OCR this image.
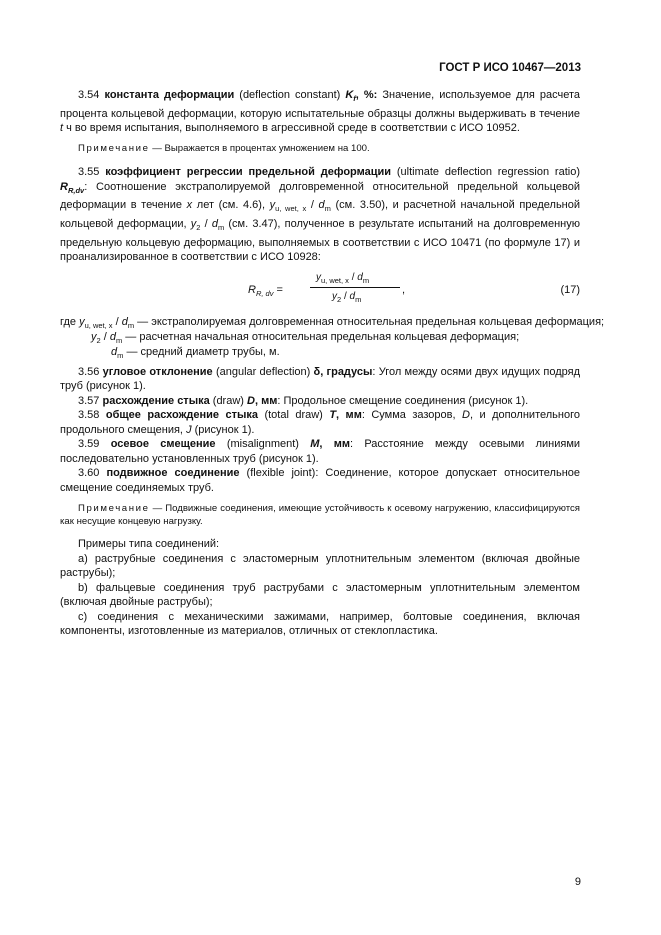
ГОСТ Р ИСО 10467—2013

3.54 константа деформации (deflection constant) $K_f$, %: Значение, используемое для расчета процента кольцевой деформации, которую испытательные образцы должны выдерживать в течение t ч во время испытания, выполняемого в агрессивной среде в соответствии с ИСО 10952.

Примечание — Выражается в процентах умножением на 100.

3.55 коэффициент регрессии предельной деформации (ultimate deflection regression ratio) $R_{R,dv}$: Соотношение экстраполируемой долговременной относительной предельной кольцевой деформации в течение x лет (см. 4.6), $y_{u, wet, x} / d_m$ (см. 3.50), и расчетной начальной предельной кольцевой деформации, $y_2 / d_m$ (см. 3.47), полученное в результате испытаний на долговременную предельную кольцевую деформацию, выполняемых в соответствии с ИСО 10471 (по формуле 17) и проанализированное в соответствии с ИСО 10928:

$R_{R, dv}$ =
$y_{u, wet, x} / d_m$
$y_2 / d_m$
,	(17)
где $y_{u, wet, x} / d_m$ — экстраполируемая долговременная относительная предельная кольцевая деформация;
$y_2 / d_m$ — расчетная начальная относительная предельная кольцевая деформация;
$d_m$ — средний диаметр трубы, м.

3.56 угловое отклонение (angular deflection) δ, градусы: Угол между осями двух идущих подряд труб (рисунок 1).

3.57 расхождение стыка (draw) D, мм: Продольное смещение соединения (рисунок 1).

3.58 общее расхождение стыка (total draw) T, мм: Сумма зазоров, D, и дополнительного продольного смещения, J (рисунок 1).

3.59 осевое смещение (misalignment) M, мм: Расстояние между осевыми линиями последовательно установленных труб (рисунок 1).

3.60 подвижное соединение (flexible joint): Соединение, которое допускает относительное смещение соединяемых труб.

Примечание — Подвижные соединения, имеющие устойчивость к осевому нагружению, классифицируются как несущие концевую нагрузку.

Примеры типа соединений:

a) раструбные соединения с эластомерным уплотнительным элементом (включая двойные раструбы);

b) фальцевые соединения труб раструбами с эластомерным уплотнительным элементом (включая двойные раструбы);

c) соединения с механическими зажимами, например, болтовые соединения, включая компоненты, изготовленные из материалов, отличных от стеклопластика.

9
